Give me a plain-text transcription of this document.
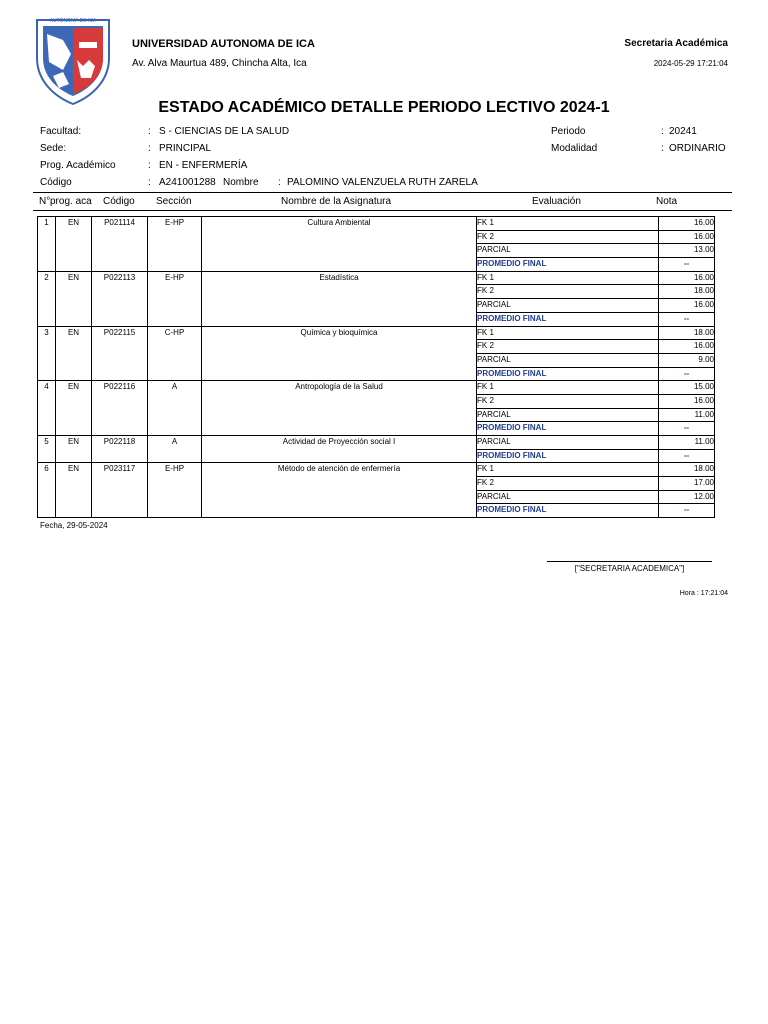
AUTÓNOMA DE ICA
UNIVERSIDAD AUTONOMA DE ICA
Av. Alva Maurtua 489, Chincha Alta, Ica
Secretaria Académica
2024-05-29 17:21:04
ESTADO ACADÉMICO DETALLE PERIODO LECTIVO 2024-1
Facultad:	: S - CIENCIAS DE LA SALUD
Sede:	: PRINCIPAL
Prog. Académico	: EN - ENFERMERÍA
Código	: A241001288 Nombre : PALOMINO VALENZUELA RUTH ZARELA
Periodo	: 20241
Modalidad	: ORDINARIO
N° prog. aca Código Sección	Nombre de la Asignatura	Evaluación	Nota
1	EN	P021114	E-HP	Cultura Ambiental	FK 1	16.00
					FK 2	16.00
					PARCIAL	13.00
					PROMEDIO FINAL	--
2	EN	P022113	E-HP	Estadística	FK 1	16.00
					FK 2	18.00
					PARCIAL	16.00
					PROMEDIO FINAL	--
3	EN	P022115	C-HP	Química y bioquímica	FK 1	18.00
					FK 2	16.00
					PARCIAL	9.00
					PROMEDIO FINAL	--
4	EN	P022116	A	Antropología de la Salud	FK 1	15.00
					FK 2	16.00
					PARCIAL	11.00
					PROMEDIO FINAL	--
5	EN	P022118	A	Actividad de Proyección social I	PARCIAL	11.00
					PROMEDIO FINAL	--
6	EN	P023117	E-HP	Método de atención de enfermería	FK 1	18.00
					FK 2	17.00
					PARCIAL	12.00
					PROMEDIO FINAL	--
Fecha, 29-05-2024
["SECRETARIA ACADEMICA"]
Hora : 17:21:04
